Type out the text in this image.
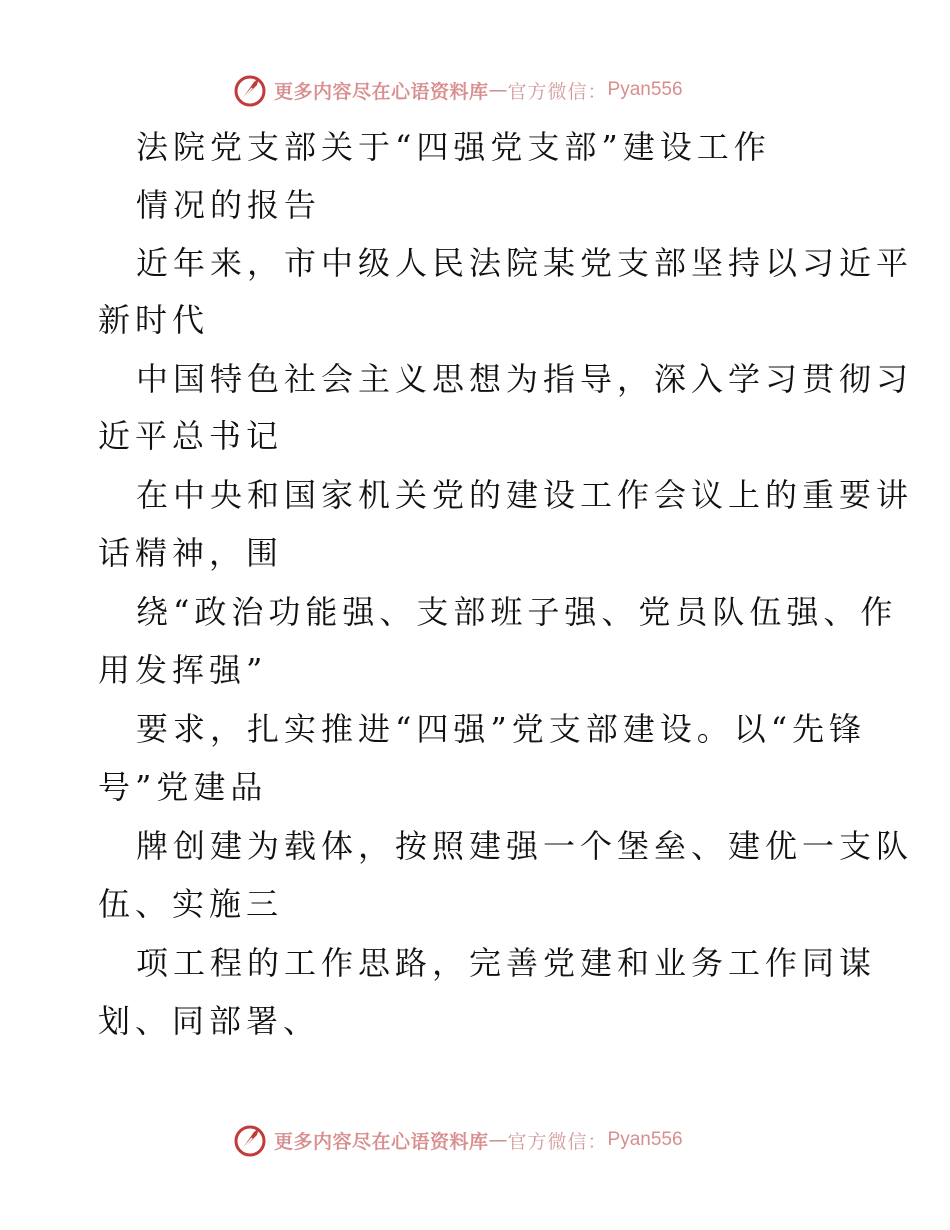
更多内容尽在心语资料库 — 官方微信： Pyan556

法院党支部关于“四强党支部”建设工作

情况的报告

近年来，市中级人民法院某党支部坚持以习近平

新时代

中国特色社会主义思想为指导，深入学习贯彻习

近平总书记

在中央和国家机关党的建设工作会议上的重要讲

话精神，围

绕“政治功能强、支部班子强、党员队伍强、作

用发挥强”

要求，扎实推进“四强”党支部建设。以“先锋

号”党建品

牌创建为载体，按照建强一个堡垒、建优一支队

伍、实施三

项工程的工作思路，完善党建和业务工作同谋

划、同部署、

更多内容尽在心语资料库 — 官方微信： Pyan556
